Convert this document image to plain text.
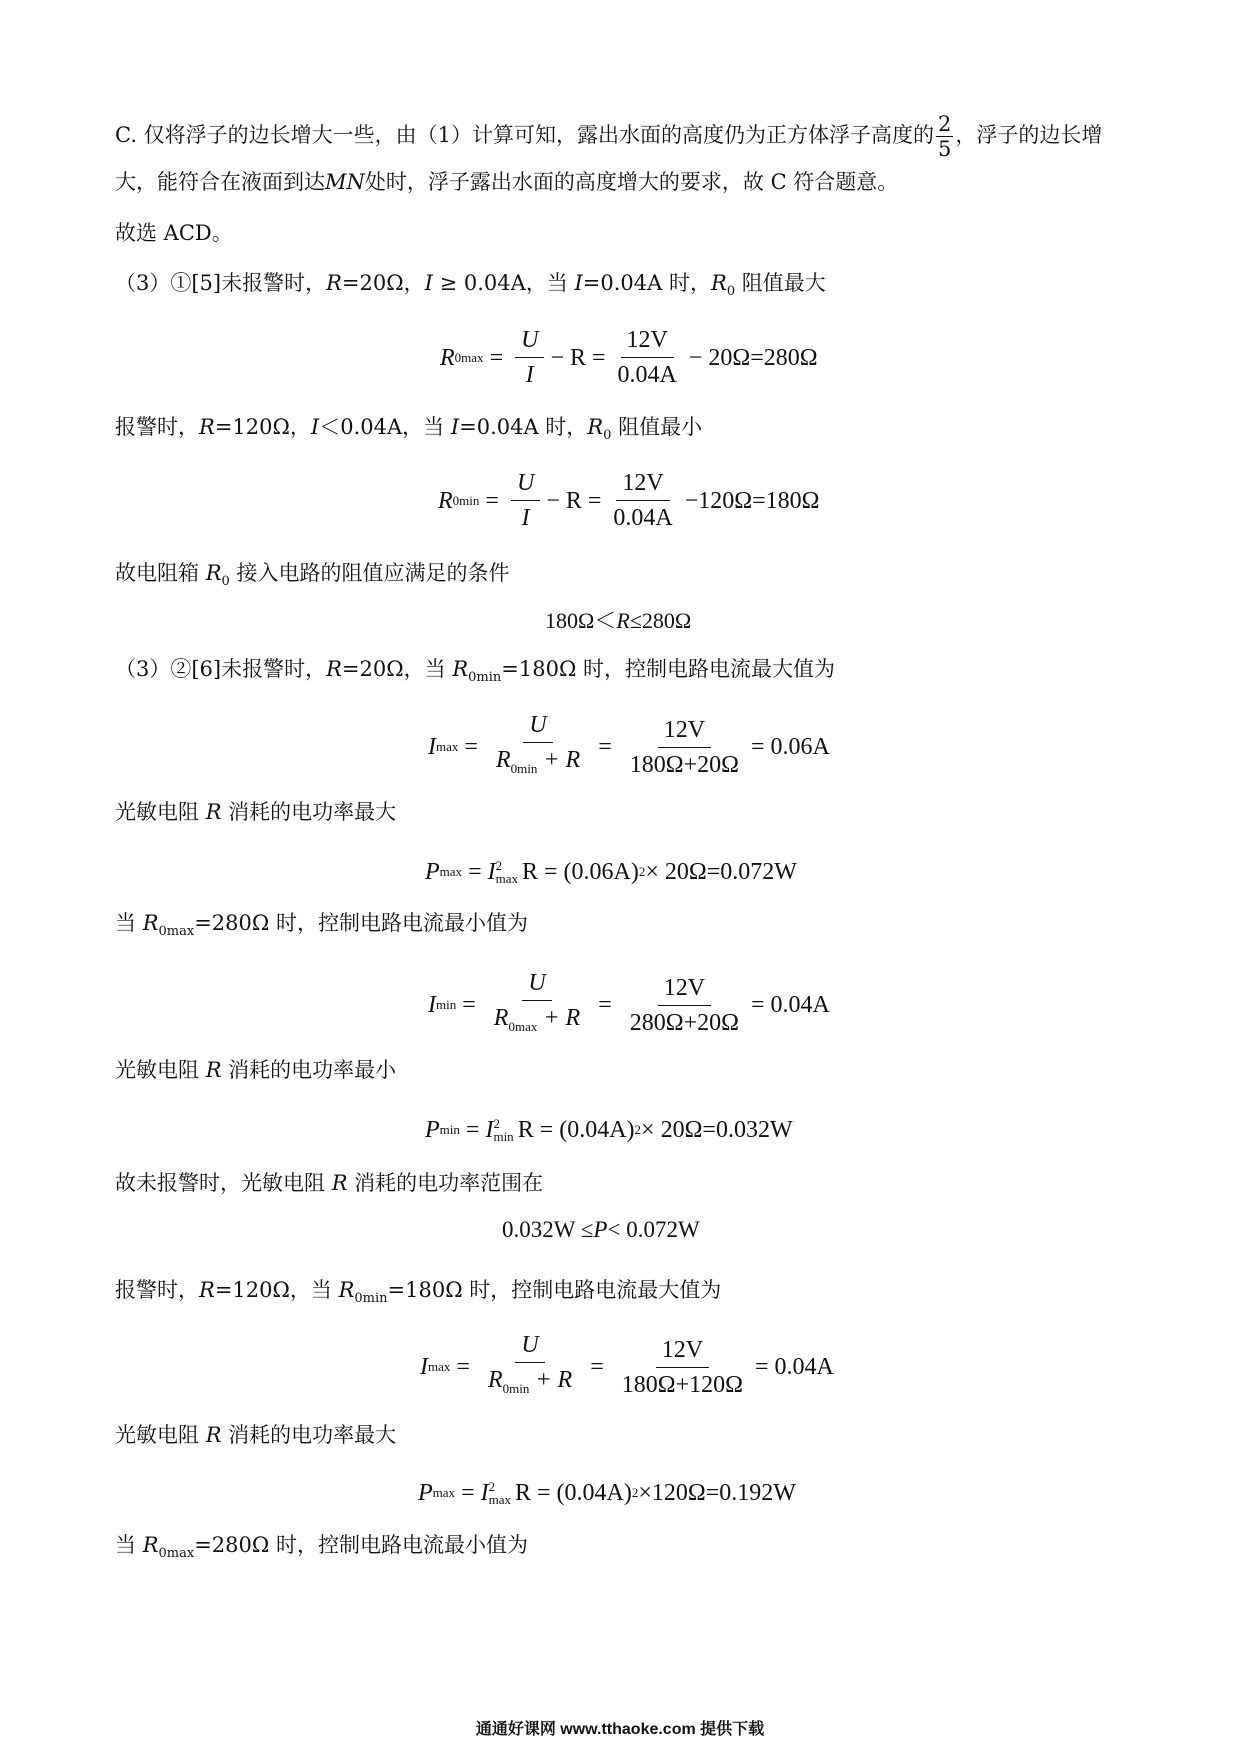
C. 仅将浮子的边长增大一些，由（1）计算可知，露出水面的高度仍为正方体浮子高度的 $\frac{2}{5}$ ，浮子的边长增
大，能符合在液面到达MN处时，浮子露出水面的高度增大的要求，故 C 符合题意。
故选 ACD。
（3）①[5]未报警时，R=20Ω，I ≥ 0.04A，当 I=0.04A 时，$R_0$ 阻值最大
R $0\max = \frac{U}{I} - R = \frac{12V}{0.04A} - 20\Omega=280\Omega$
报警时，R=120Ω，I＜0.04A，当 I=0.04A 时，$R_0$ 阻值最小
R $0\min = \frac{U}{I} - R = \frac{12V}{0.04A} -120\Omega=180\Omega$
故电阻箱 $R_0$ 接入电路的阻值应满足的条件
180Ω＜ R ≤280Ω
（3）②[6]未报警时，R=20Ω，当 $R_{0min}=180\Omega$ 时，控制电路电流最大值为
I $\max = \frac{U}{R_{0min} + R} = \frac{12V}{180\Omega+20\Omega} = 0.06A$
光敏电阻 R 消耗的电功率最大
P max = I 2
max R = (0.06A) 2 × 20Ω=0.072W
当 $R_{0max}=280\Omega$ 时，控制电路电流最小值为
I $\min = \frac{U}{R_{0max} + R} = \frac{12V}{280\Omega+20\Omega} = 0.04A$
光敏电阻 R 消耗的电功率最小
P min = I 2
min R = (0.04A) 2 × 20Ω=0.032W
故未报警时，光敏电阻 R 消耗的电功率范围在
0.032W ≤ P < 0.072W
报警时，R=120Ω，当 $R_{0min}=180\Omega$ 时，控制电路电流最大值为
I $\max = \frac{U}{R_{0min} + R} = \frac{12V}{180\Omega+120\Omega} = 0.04A$
光敏电阻 R 消耗的电功率最大
P max = I 2
max R = (0.04A) 2 ×120Ω=0.192W
当 $R_{0max}=280\Omega$ 时，控制电路电流最小值为
通通好课网 www.tthaoke.com 提供下载
